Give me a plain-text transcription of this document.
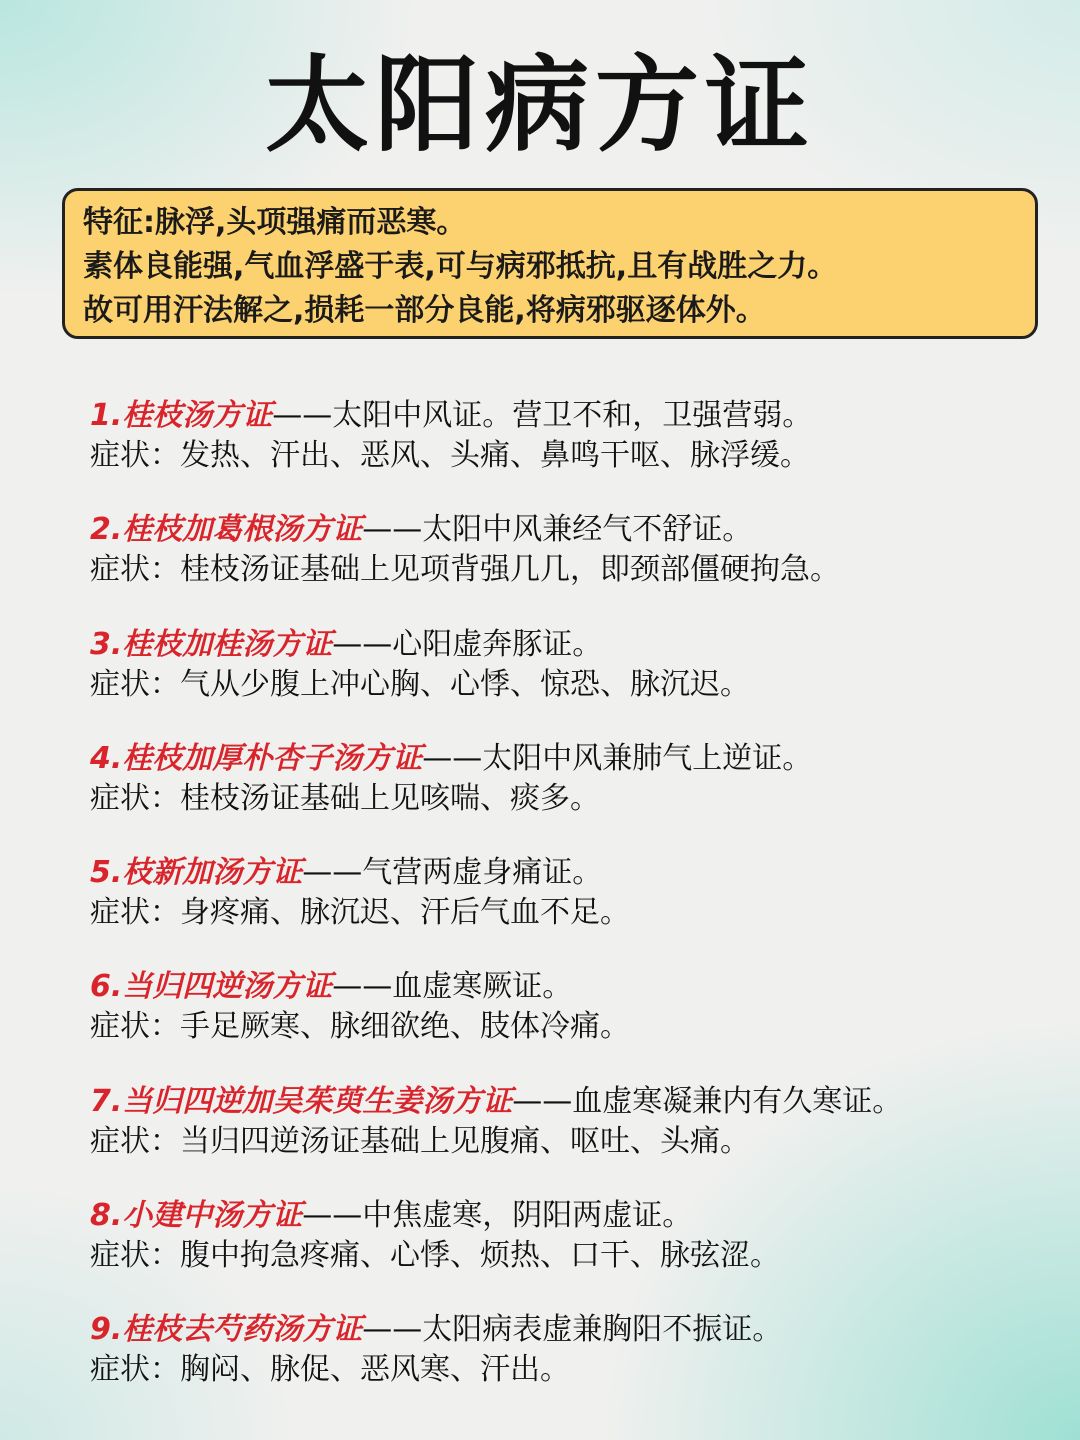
太阳病方证
特征:脉浮,头项强痛而恶寒。
素体良能强,气血浮盛于表,可与病邪抵抗,且有战胜之力。
故可用汗法解之,损耗一部分良能,将病邪驱逐体外。
1.桂枝汤方证——太阳中风证。营卫不和，卫强营弱。
症状：发热、汗出、恶风、头痛、鼻鸣干呕、脉浮缓。
2.桂枝加葛根汤方证——太阳中风兼经气不舒证。
症状：桂枝汤证基础上见项背强几几，即颈部僵硬拘急。
3.桂枝加桂汤方证——心阳虚奔豚证。
症状：气从少腹上冲心胸、心悸、惊恐、脉沉迟。
4.桂枝加厚朴杏子汤方证——太阳中风兼肺气上逆证。
症状：桂枝汤证基础上见咳喘、痰多。
5.枝新加汤方证——气营两虚身痛证。
症状：身疼痛、脉沉迟、汗后气血不足。
6.当归四逆汤方证——血虚寒厥证。
症状：手足厥寒、脉细欲绝、肢体冷痛。
7.当归四逆加吴茱萸生姜汤方证——血虚寒凝兼内有久寒证。
症状：当归四逆汤证基础上见腹痛、呕吐、头痛。
8.小建中汤方证——中焦虚寒，阴阳两虚证。
症状：腹中拘急疼痛、心悸、烦热、口干、脉弦涩。
9.桂枝去芍药汤方证——太阳病表虚兼胸阳不振证。
症状：胸闷、脉促、恶风寒、汗出。
